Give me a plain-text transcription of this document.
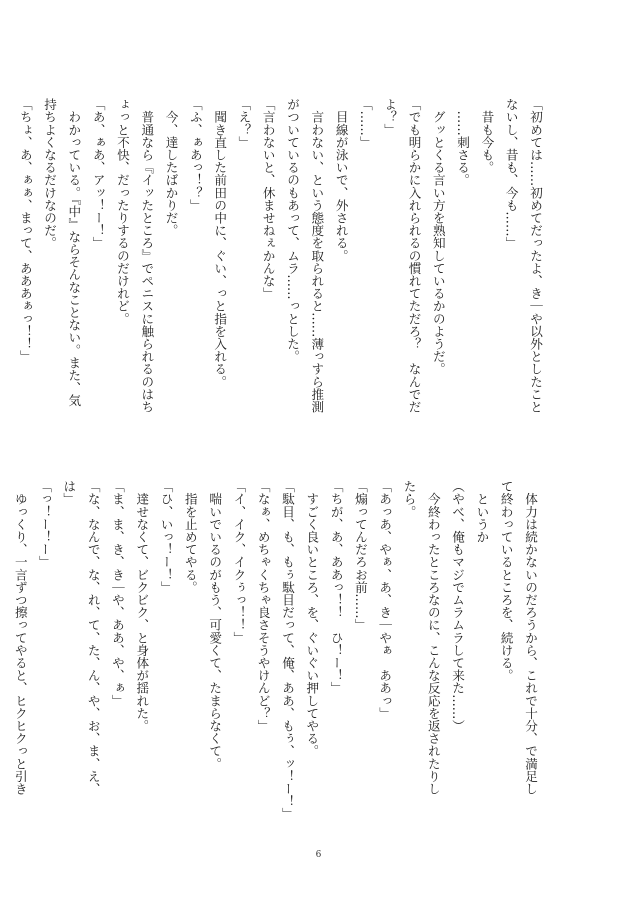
「初めては……初めてだったよ、き｜や以外としたこと
ないし、昔も、今も……」
　昔も今も。
　……刺さる。
　グッとくる言い方を熟知しているかのようだ。
「でも明らかに入れられるの慣れてただろ？　なんでだ
よ？」
「……」
　目線が泳いで、外される。
　言わない、という態度を取られると……薄っすら推測
がついているのもあって、ムラ……っとした。
「言わないと、休ませねぇかんな」
「え？」
　聞き直した前田の中に、ぐい、っと指を入れる。
「ふ、ぁあっ！？」
　今、達したばかりだ。
　普通なら『イッたところ』でペニスに触られるのはち
ょっと不快、だったりするのだけれど。
「あ、ぁあ、アッ！ー！」
　わかっている。『中』ならそんなことない。また、気
持ちよくなるだけなのだ。
「ちょ、あ、ぁぁ、まって、あああぁっ！！」
　体力は続かないのだろうから、これで十分、で満足し
て終わっているところを、続ける。
　というか
（やべ、俺もマジでムラムラして来た……）
　今終わったところなのに、こんな反応を返されたりし
たら。
「あっあ、やぁ、あ、き｜やぁ　ああっ」
「煽ってんだろお前……」
「ちが、あ、ああっ！！　ひ！ー！」
　すごく良いところ、を、ぐいぐい押してやる。
「駄目、も、もぅ駄目だって、俺、ああ、もぅ、ッ！ー！」
「なぁ、めちゃくちゃ良さそうやけんど？」
「イ、イク、イクぅっ！！」
　喘いでいるのがもう、可愛くて、たまらなくて。
　指を止めてやる。
「ひ、いっ！ー！」
　達せなくて、ビクビク、と身体が揺れた。
「ま、ま、き、き｜や、ああ、や、ぁ」
「な、なんで、な、れ、て、た、ん、や、お、ま、え、
は」
「っ！ー！ー」
　ゆっくり、一言ずつ擦ってやると、ヒクヒクっと引き
6
